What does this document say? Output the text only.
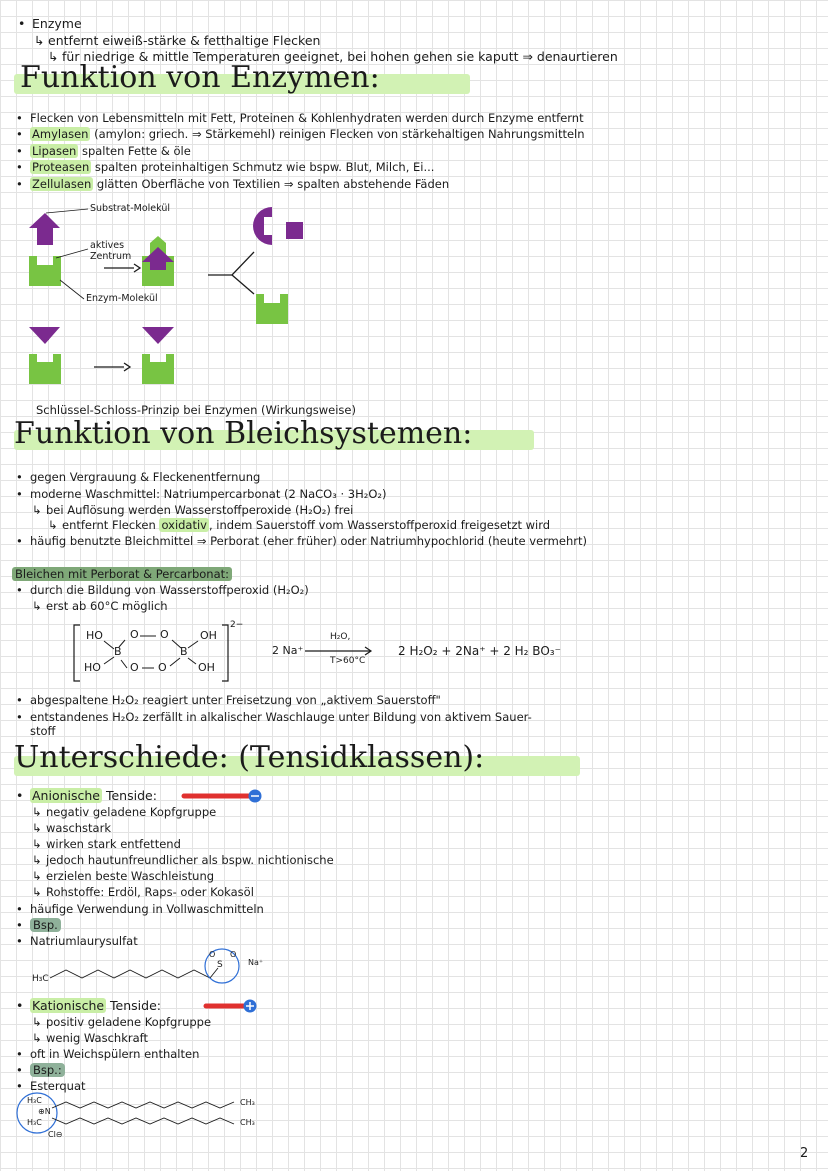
• Enzyme
↳ entfernt eiweiß-stärke & fetthaltige Flecken
↳ für niedrige & mittle Temperaturen geeignet, bei hohen gehen sie kaputt ⇒ denaurtieren
Funktion von Enzymen:
• Flecken von Lebensmitteln mit Fett, Proteinen & Kohlenhydraten werden durch Enzyme entfernt
• Amylasen (amylon: griech. ⇒ Stärkemehl) reinigen Flecken von stärkehaltigen Nahrungsmitteln
• Lipasen spalten Fette & öle
• Proteasen spalten proteinhaltigen Schmutz wie bspw. Blut, Milch, Ei...
• Zellulasen glätten Oberfläche von Textilien ⇒ spalten abstehende Fäden
Substrat-Molekül
aktives
Zentrum
Enzym-Molekül
Schlüssel-Schloss-Prinzip bei Enzymen (Wirkungsweise)
Funktion von Bleichsystemen:
• gegen Vergrauung & Fleckenentfernung
• moderne Waschmittel: Natriumpercarbonat (2 NaCO₃ · 3H₂O₂)
↳ bei Auflösung werden Wasserstoffperoxide (H₂O₂) frei
↳ entfernt Flecken oxidativ , indem Sauerstoff vom Wasserstoffperoxid freigesetzt wird
• häufig benutzte Bleichmittel ⇒ Perborat (eher früher) oder Natriumhypochlorid (heute vermehrt)
Bleichen mit Perborat & Percarbonat:
• durch die Bildung von Wasserstoffperoxid (H₂O₂)
↳ erst ab 60°C möglich
HO O O	OH
B	B
HO	O O	OH
2−
2 Na⁺
H₂O,
T>60°C
2 H₂O₂ + 2Na⁺ + 2 H₂ BO₃⁻
• abgespaltene H₂O₂ reagiert unter Freisetzung von „aktivem Sauerstoff"
• entstandenes H₂O₂ zerfällt in alkalischer Waschlauge unter Bildung von aktivem Sauer-
stoff
Unterschiede: (Tensidklassen):
• Anionische Tenside:
↳ negativ geladene Kopfgruppe
↳ waschstark
↳ wirken stark entfettend
↳ jedoch hautunfreundlicher als bspw. nichtionische
↳ erzielen beste Waschleistung
↳ Rohstoffe: Erdöl, Raps- oder Kokasöl
• häufige Verwendung in Vollwaschmitteln
• Bsp.
• Natriumlaurysulfat
H₃C
S
O O
Na⁺
• Kationische Tenside:
↳ positiv geladene Kopfgruppe
↳ wenig Waschkraft
• oft in Weichspülern enthalten
• Bsp.:
• Esterquat
H₃C
⊕N
H₃C
Cl⊖
CH₃
CH₃
2
